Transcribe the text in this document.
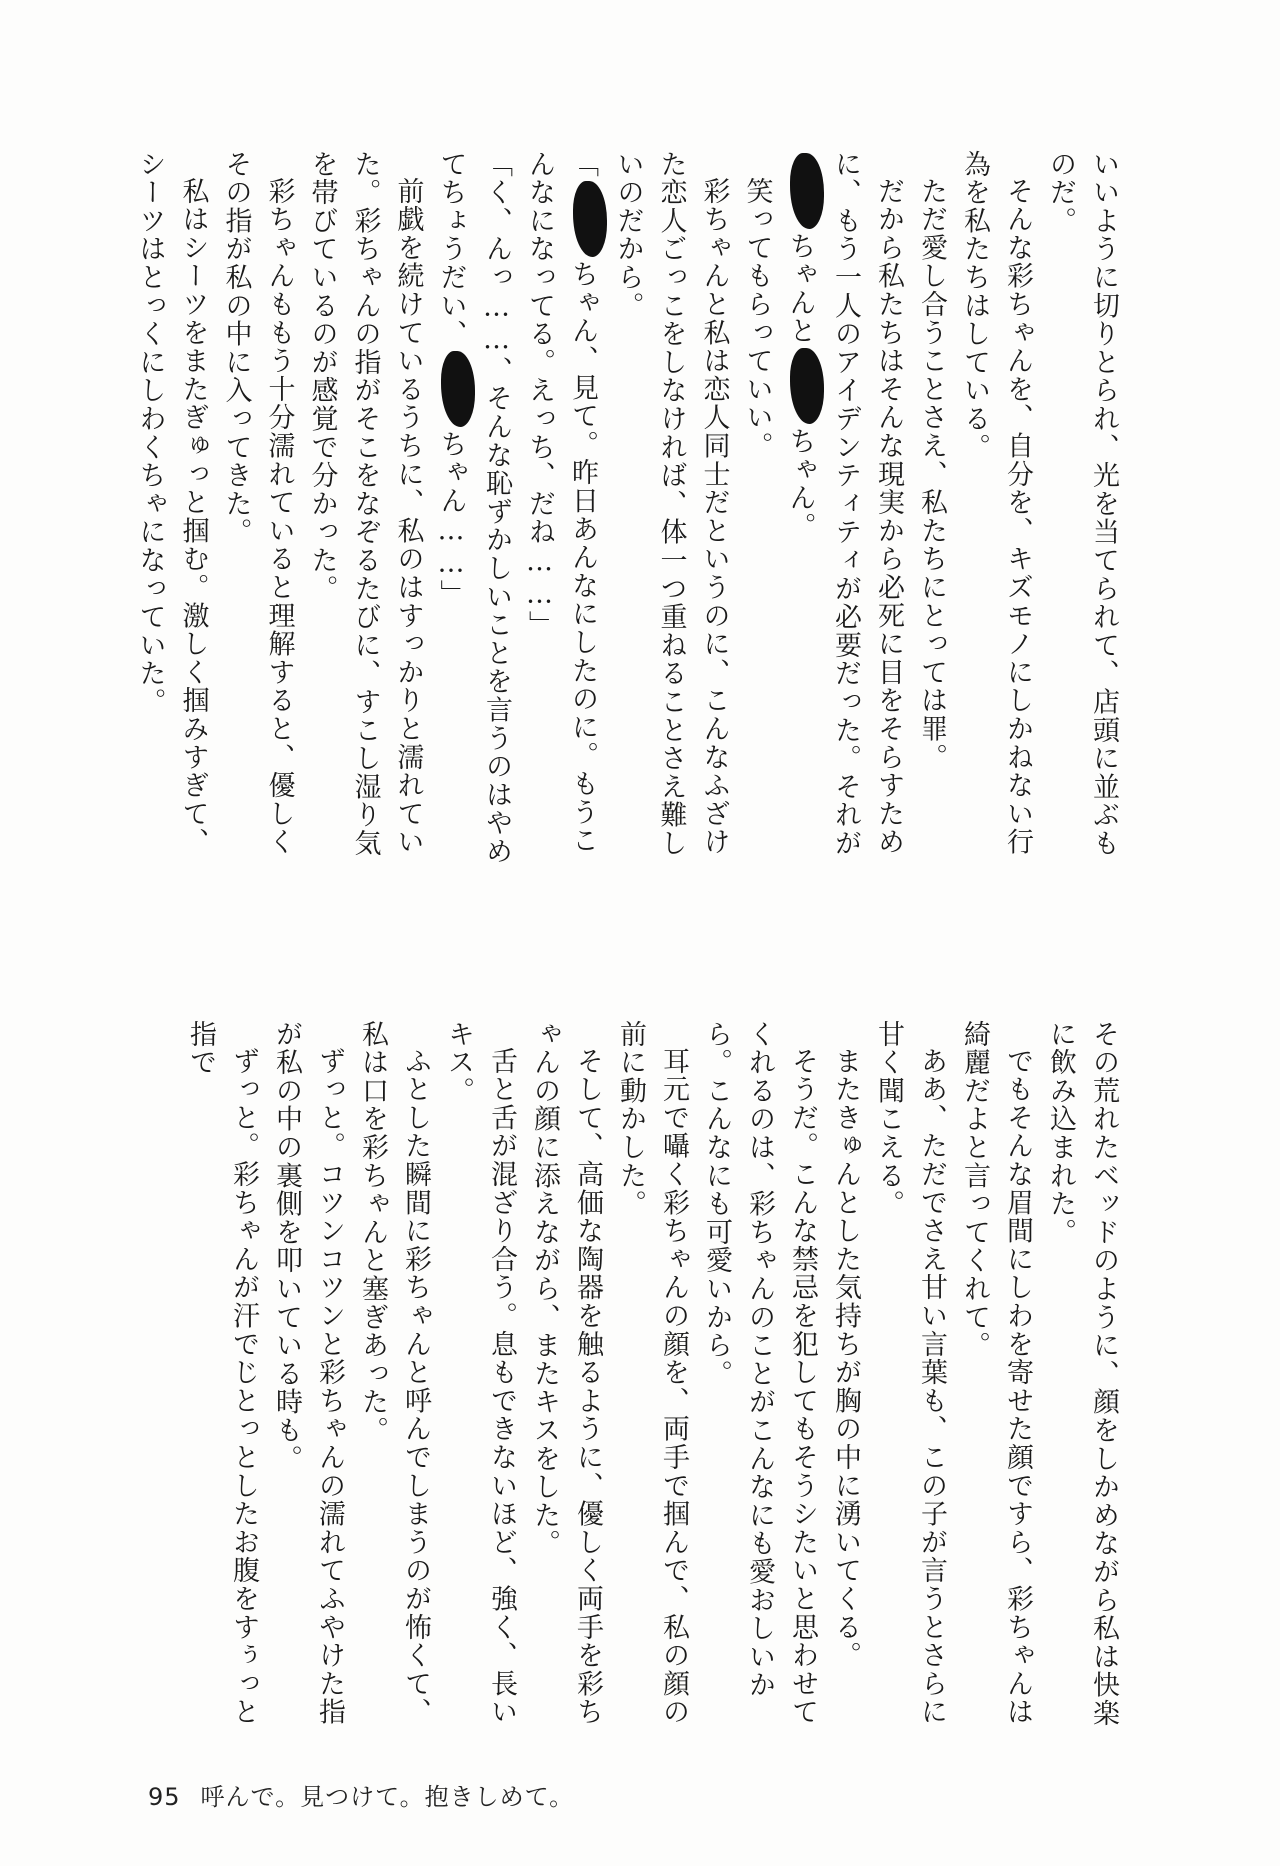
いいように切りとられ、光を当てられて、店頭に並ぶものだ。
そんな彩ちゃんを、自分を、キズモノにしかねない行為を私たちはしている。
ただ愛し合うことさえ、私たちにとっては罪。
だから私たちはそんな現実から必死に目をそらすために、もう一人のアイデンティティが必要だった。それがちゃんとちゃん。
笑ってもらっていい。
彩ちゃんと私は恋人同士だというのに、こんなふざけた恋人ごっこをしなければ、体一つ重ねることさえ難しいのだから。
「ちゃん、見て。昨日あんなにしたのに。もうこんなになってる。えっち、だね……」
「く、んっ……、そんな恥ずかしいことを言うのはやめてちょうだい、ちゃん……」
前戯を続けているうちに、私のはすっかりと濡れていた。彩ちゃんの指がそこをなぞるたびに、すこし湿り気を帯びているのが感覚で分かった。
彩ちゃんももう十分濡れていると理解すると、優しくその指が私の中に入ってきた。
私はシーツをまたぎゅっと掴む。激しく掴みすぎて、シーツはとっくにしわくちゃになっていた。
その荒れたベッドのように、顔をしかめながら私は快楽に飲み込まれた。
でもそんな眉間にしわを寄せた顔ですら、彩ちゃんは綺麗だよと言ってくれて。
ああ、ただでさえ甘い言葉も、この子が言うとさらに甘く聞こえる。
またきゅんとした気持ちが胸の中に湧いてくる。
そうだ。こんな禁忌を犯してもそうシたいと思わせてくれるのは、彩ちゃんのことがこんなにも愛おしいから。こんなにも可愛いから。
耳元で囁く彩ちゃんの顔を、両手で掴んで、私の顔の前に動かした。
そして、高価な陶器を触るように、優しく両手を彩ちゃんの顔に添えながら、またキスをした。
舌と舌が混ざり合う。息もできないほど、強く、長いキス。
ふとした瞬間に彩ちゃんと呼んでしまうのが怖くて、私は口を彩ちゃんと塞ぎあった。
ずっと。コツンコツンと彩ちゃんの濡れてふやけた指が私の中の裏側を叩いている時も。
ずっと。彩ちゃんが汗でじとっとしたお腹をすぅっと指で
95 呼んで。見つけて。抱きしめて。
